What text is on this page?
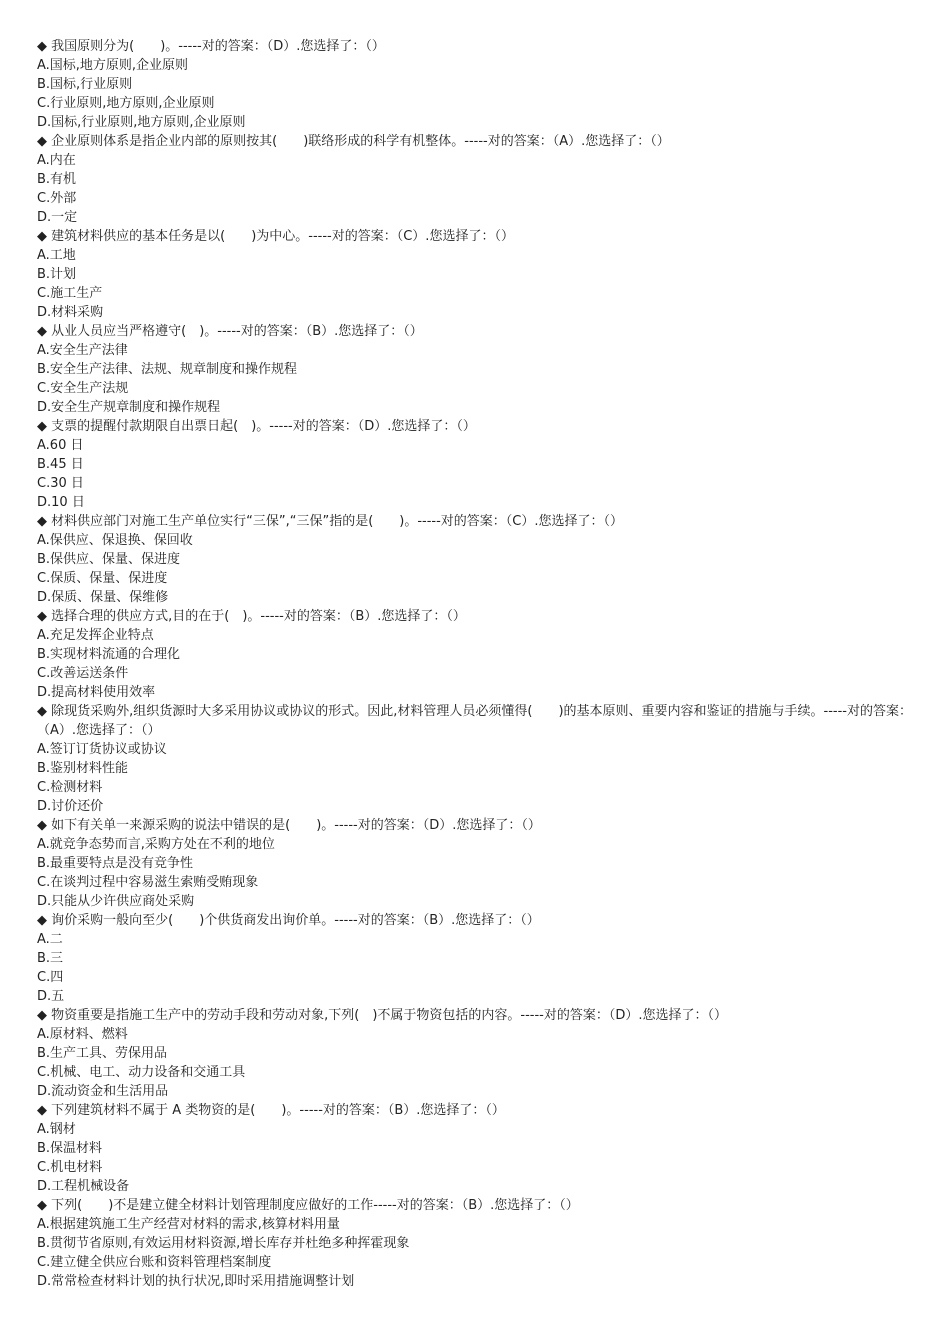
◆ 我国原则分为(　　)。-----对的答案：（D）.您选择了：（）
A.国标,地方原则,企业原则
B.国标,行业原则
C.行业原则,地方原则,企业原则
D.国标,行业原则,地方原则,企业原则
◆ 企业原则体系是指企业内部的原则按其(　　)联络形成的科学有机整体。-----对的答案：（A）.您选择了：（）
A.内在
B.有机
C.外部
D.一定
◆ 建筑材料供应的基本任务是以(　　)为中心。-----对的答案：（C）.您选择了：（）
A.工地
B.计划
C.施工生产
D.材料采购
◆ 从业人员应当严格遵守(　)。-----对的答案：（B）.您选择了：（）
A.安全生产法律
B.安全生产法律、法规、规章制度和操作规程
C.安全生产法规
D.安全生产规章制度和操作规程
◆ 支票的提醒付款期限自出票日起(　)。-----对的答案：（D）.您选择了：（）
A.60 日
B.45 日
C.30 日
D.10 日
◆ 材料供应部门对施工生产单位实行“三保”,“三保”指的是(　　)。-----对的答案：（C）.您选择了：（）
A.保供应、保退换、保回收
B.保供应、保量、保进度
C.保质、保量、保进度
D.保质、保量、保维修
◆ 选择合理的供应方式,目的在于(　)。-----对的答案：（B）.您选择了：（）
A.充足发挥企业特点
B.实现材料流通的合理化
C.改善运送条件
D.提高材料使用效率
◆ 除现货采购外,组织货源时大多采用协议或协议的形式。因此,材料管理人员必须懂得(　　)的基本原则、重要内容和鉴证的措施与手续。-----对的答案：（A）.您选择了：（）
A.签订订货协议或协议
B.鉴别材料性能
C.检测材料
D.讨价还价
◆ 如下有关单一来源采购的说法中错误的是(　　)。-----对的答案：（D）.您选择了：（）
A.就竞争态势而言,采购方处在不利的地位
B.最重要特点是没有竞争性
C.在谈判过程中容易滋生索贿受贿现象
D.只能从少许供应商处采购
◆ 询价采购一般向至少(　　)个供货商发出询价单。-----对的答案：（B）.您选择了：（）
A.二
B.三
C.四
D.五
◆ 物资重要是指施工生产中的劳动手段和劳动对象,下列(　)不属于物资包括的内容。-----对的答案：（D）.您选择了：（）
A.原材料、燃料
B.生产工具、劳保用品
C.机械、电工、动力设备和交通工具
D.流动资金和生活用品
◆ 下列建筑材料不属于 A 类物资的是(　　)。-----对的答案：（B）.您选择了：（）
A.钢材
B.保温材料
C.机电材料
D.工程机械设备
◆ 下列(　　)不是建立健全材料计划管理制度应做好的工作-----对的答案：（B）.您选择了：（）
A.根据建筑施工生产经营对材料的需求,核算材料用量
B.贯彻节省原则,有效运用材料资源,增长库存并杜绝多种挥霍现象
C.建立健全供应台账和资料管理档案制度
D.常常检查材料计划的执行状况,即时采用措施调整计划
